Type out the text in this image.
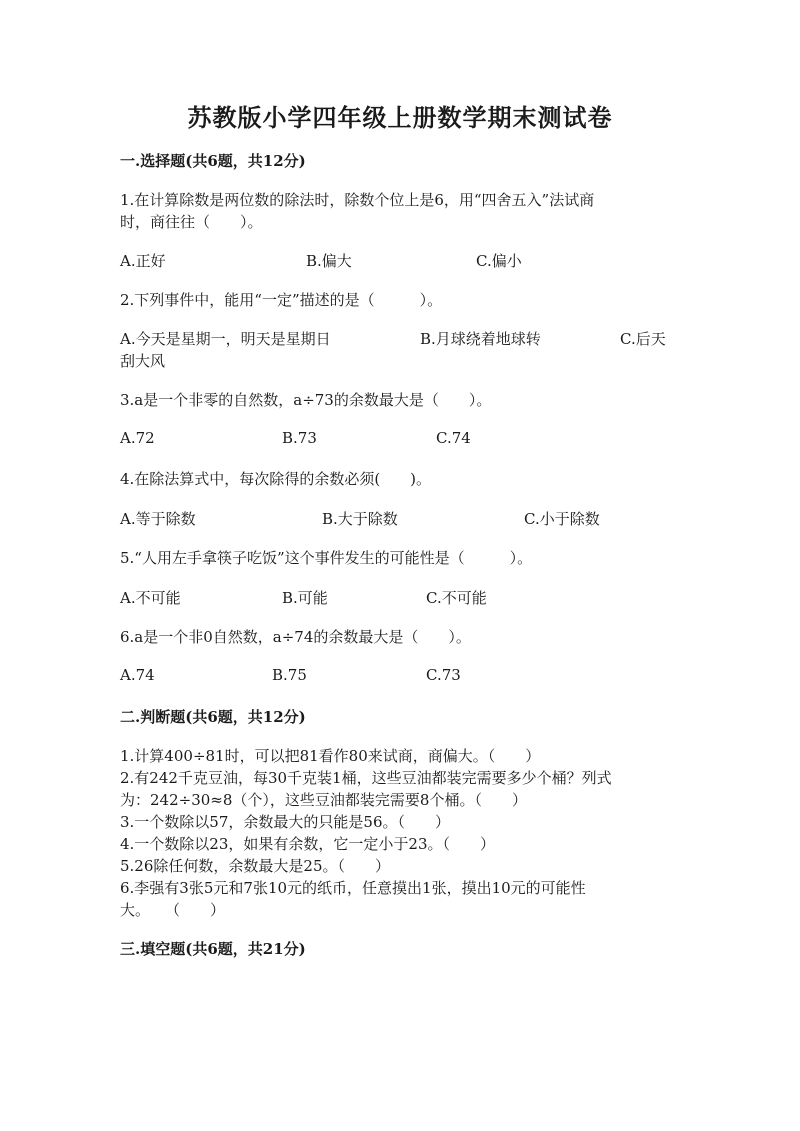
苏教版小学四年级上册数学期末测试卷
一.选择题(共6题，共12分)
1.在计算除数是两位数的除法时，除数个位上是6，用“四舍五入”法试商
时，商往往（　　）。
A.正好	B.偏大	C.偏小
2.下列事件中，能用“一定”描述的是（　　　）。
A.今天是星期一，明天是星期日	B.月球绕着地球转	C.后天
刮大风
3.a是一个非零的自然数，a÷73的余数最大是（　　）。
A.72	B.73	C.74
4.在除法算式中，每次除得的余数必须(　　)。
A.等于除数	B.大于除数	C.小于除数
5.“人用左手拿筷子吃饭”这个事件发生的可能性是（　　　）。
A.不可能	B.可能	C.不可能
6.a是一个非0自然数，a÷74的余数最大是（　　）。
A.74	B.75	C.73
二.判断题(共6题，共12分)
1.计算400÷81时，可以把81看作80来试商，商偏大。（　　）
2.有242千克豆油，每30千克装1桶，这些豆油都装完需要多少个桶？列式
为：242÷30≈8（个），这些豆油都装完需要8个桶。（　　）
3.一个数除以57，余数最大的只能是56。（　　）
4.一个数除以23，如果有余数，它一定小于23。（　　）
5.26除任何数，余数最大是25。（　　）
6.李强有3张5元和7张10元的纸币，任意摸出1张，摸出10元的可能性
大。　　（　　）
三.填空题(共6题，共21分)
